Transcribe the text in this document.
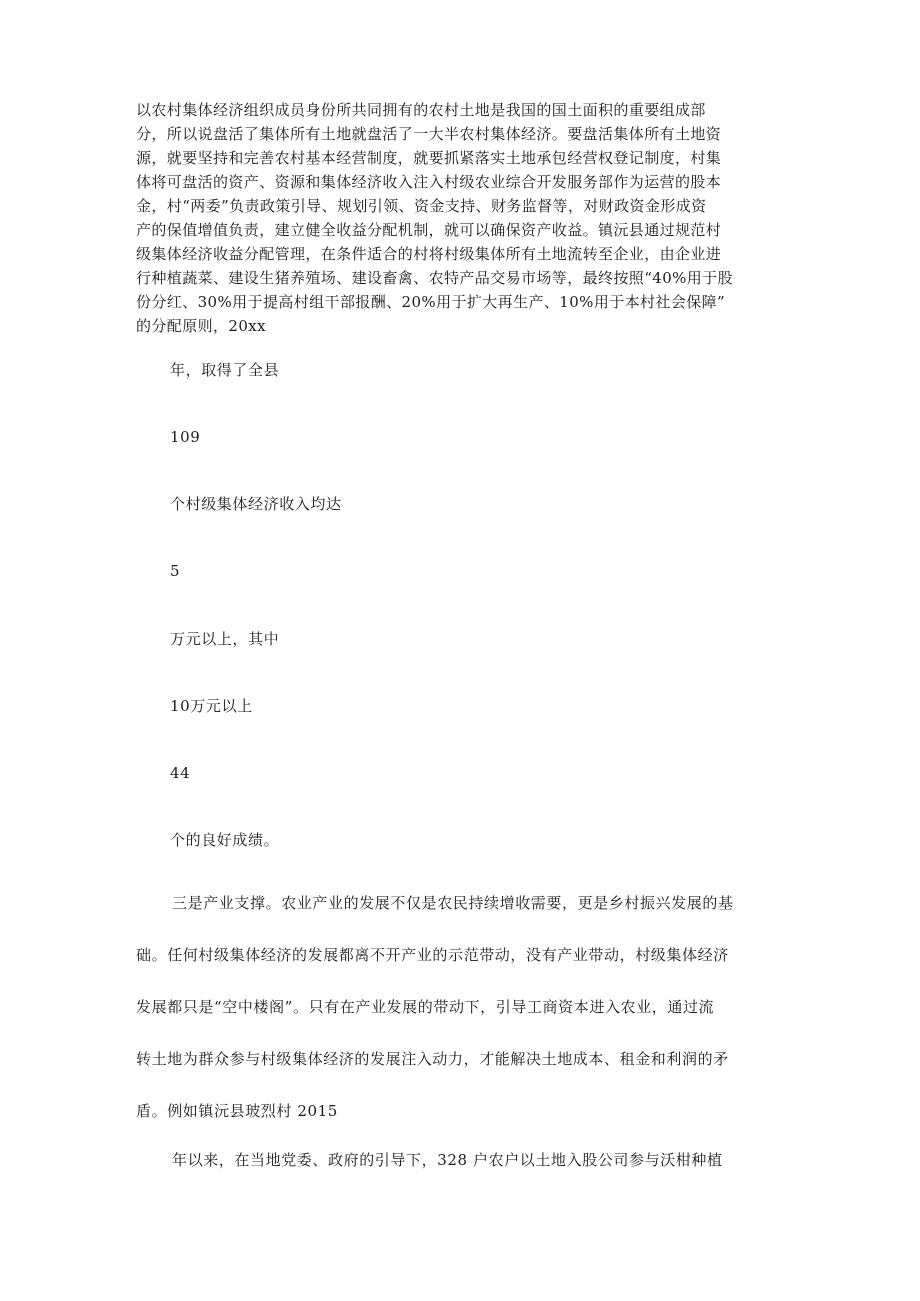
以农村集体经济组织成员身份所共同拥有的农村土地是我国的国土面积的重要组成部
分，所以说盘活了集体所有土地就盘活了一大半农村集体经济。要盘活集体所有土地资
源，就要坚持和完善农村基本经营制度，就要抓紧落实土地承包经营权登记制度，村集
体将可盘活的资产、资源和集体经济收入注入村级农业综合开发服务部作为运营的股本
金，村“两委”负责政策引导、规划引领、资金支持、财务监督等，对财政资金形成资
产的保值增值负责，建立健全收益分配机制，就可以确保资产收益。镇沅县通过规范村
级集体经济收益分配管理，在条件适合的村将村级集体所有土地流转至企业，由企业进
行种植蔬菜、建设生猪养殖场、建设畜禽、农特产品交易市场等，最终按照“40%用于股
份分红、30%用于提高村组干部报酬、20%用于扩大再生产、10%用于本村社会保障”
的分配原则，20xx

年，取得了全县

109

个村级集体经济收入均达

5

万元以上，其中

10万元以上

44

个的良好成绩。

三是产业支撑。农业产业的发展不仅是农民持续增收需要，更是乡村振兴发展的基
础。任何村级集体经济的发展都离不开产业的示范带动，没有产业带动，村级集体经济
发展都只是“空中楼阁”。只有在产业发展的带动下，引导工商资本进入农业，通过流
转土地为群众参与村级集体经济的发展注入动力，才能解决土地成本、租金和利润的矛
盾。例如镇沅县玻烈村 2015

年以来，在当地党委、政府的引导下，328 户农户以土地入股公司参与沃柑种植
